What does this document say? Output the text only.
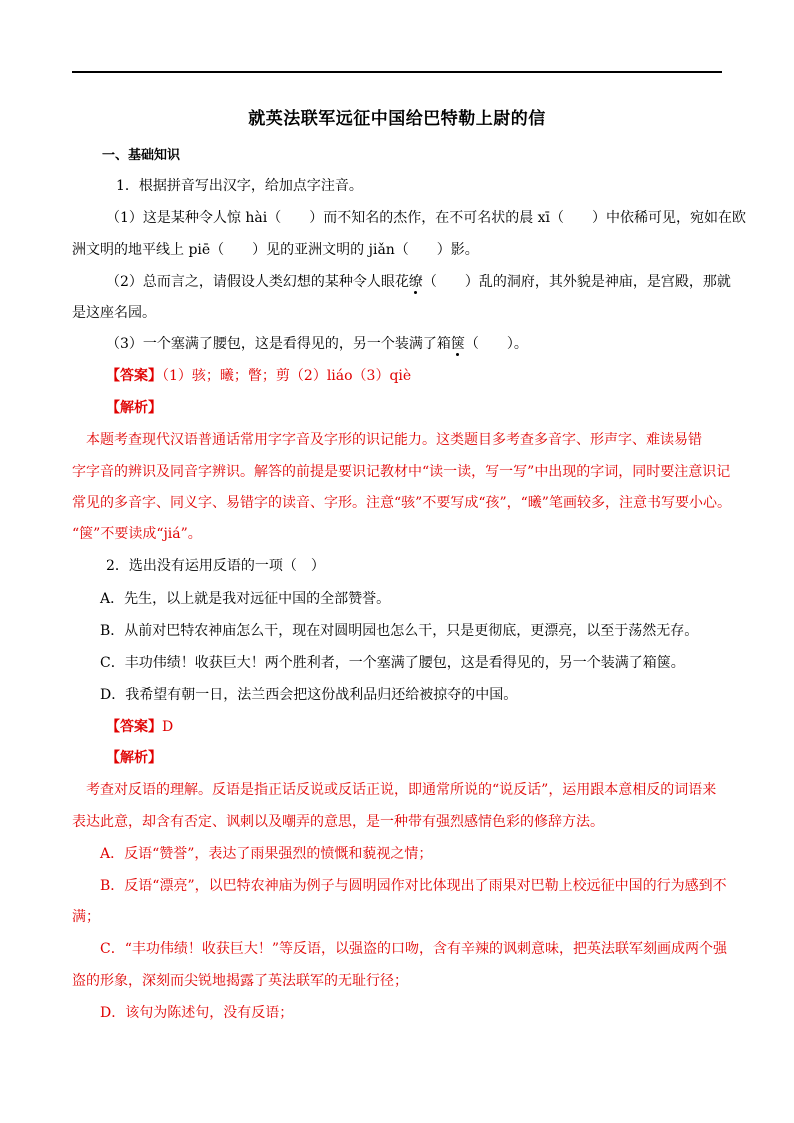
就英法联军远征中国给巴特勒上尉的信
一、基础知识
1．根据拼音写出汉字，给加点字注音。
（1）这是某种令人惊 hài（　　）而不知名的杰作，在不可名状的晨 xī（　　）中依稀可见，宛如在欧
洲文明的地平线上 piē（　　）见的亚洲文明的 jiǎn（　　）影。
（2）总而言之，请假设人类幻想的某种令人眼花缭（　　）乱的洞府，其外貌是神庙，是宫殿，那就
是这座名园。
（3）一个塞满了腰包，这是看得见的，另一个装满了箱箧（　　）。
【答案】（1）骇；曦；瞥；剪（2）liáo（3）qiè
【解析】
本题考查现代汉语普通话常用字字音及字形的识记能力。这类题目多考查多音字、形声字、难读易错
字字音的辨识及同音字辨识。解答的前提是要识记教材中“读一读，写一写”中出现的字词，同时要注意识记
常见的多音字、同义字、易错字的读音、字形。注意“骇”不要写成“孩”，“曦”笔画较多，注意书写要小心。
“箧”不要读成“jiá”。
2．选出没有运用反语的一项（　）
A．先生，以上就是我对远征中国的全部赞誉。
B．从前对巴特农神庙怎么干，现在对圆明园也怎么干，只是更彻底，更漂亮，以至于荡然无存。
C．丰功伟绩！收获巨大！两个胜利者，一个塞满了腰包，这是看得见的，另一个装满了箱箧。
D．我希望有朝一日，法兰西会把这份战利品归还给被掠夺的中国。
【答案】D
【解析】
考查对反语的理解。反语是指正话反说或反话正说，即通常所说的“说反话”，运用跟本意相反的词语来
表达此意，却含有否定、讽刺以及嘲弄的意思，是一种带有强烈感情色彩的修辞方法。
A．反语“赞誉”，表达了雨果强烈的愤慨和藐视之情；
B．反语“漂亮”，以巴特农神庙为例子与圆明园作对比体现出了雨果对巴勒上校远征中国的行为感到不
满；
C．“丰功伟绩！收获巨大！”等反语，以强盗的口吻，含有辛辣的讽刺意味，把英法联军刻画成两个强
盗的形象，深刻而尖锐地揭露了英法联军的无耻行径；
D．该句为陈述句，没有反语；
